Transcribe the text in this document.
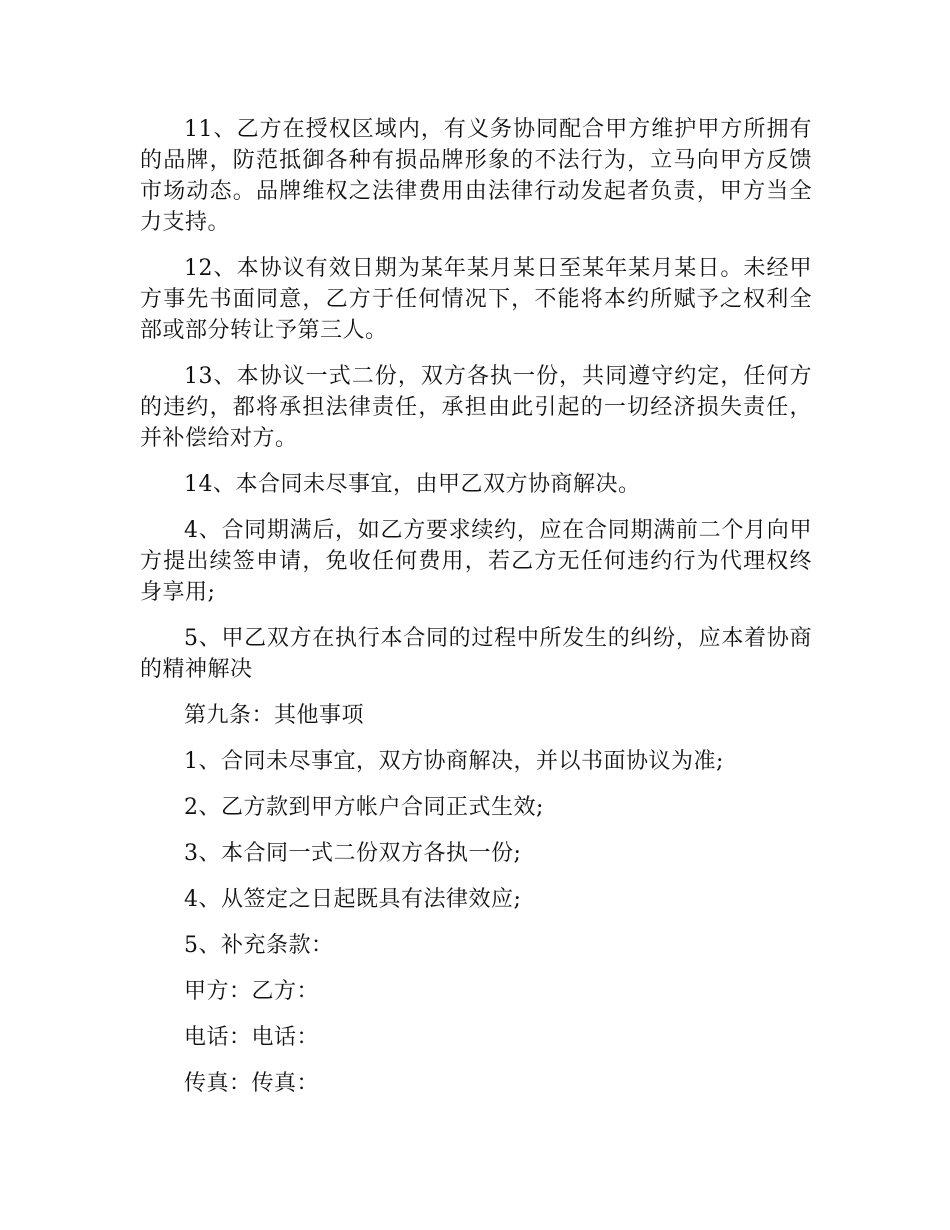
11、乙方在授权区域内，有义务协同配合甲方维护甲方所拥有的品牌，防范抵御各种有损品牌形象的不法行为，立马向甲方反馈市场动态。品牌维权之法律费用由法律行动发起者负责，甲方当全力支持。

12、本协议有效日期为某年某月某日至某年某月某日。未经甲方事先书面同意，乙方于任何情况下，不能将本约所赋予之权利全部或部分转让予第三人。

13、本协议一式二份，双方各执一份，共同遵守约定，任何方的违约，都将承担法律责任，承担由此引起的一切经济损失责任，并补偿给对方。

14、本合同未尽事宜，由甲乙双方协商解决。

4、合同期满后，如乙方要求续约，应在合同期满前二个月向甲方提出续签申请，免收任何费用，若乙方无任何违约行为代理权终身享用;

5、甲乙双方在执行本合同的过程中所发生的纠纷，应本着协商的精神解决

第九条：其他事项

1、合同未尽事宜，双方协商解决，并以书面协议为准;

2、乙方款到甲方帐户合同正式生效;

3、本合同一式二份双方各执一份;

4、从签定之日起既具有法律效应;

5、补充条款：

甲方：乙方：

电话：电话：

传真：传真：
